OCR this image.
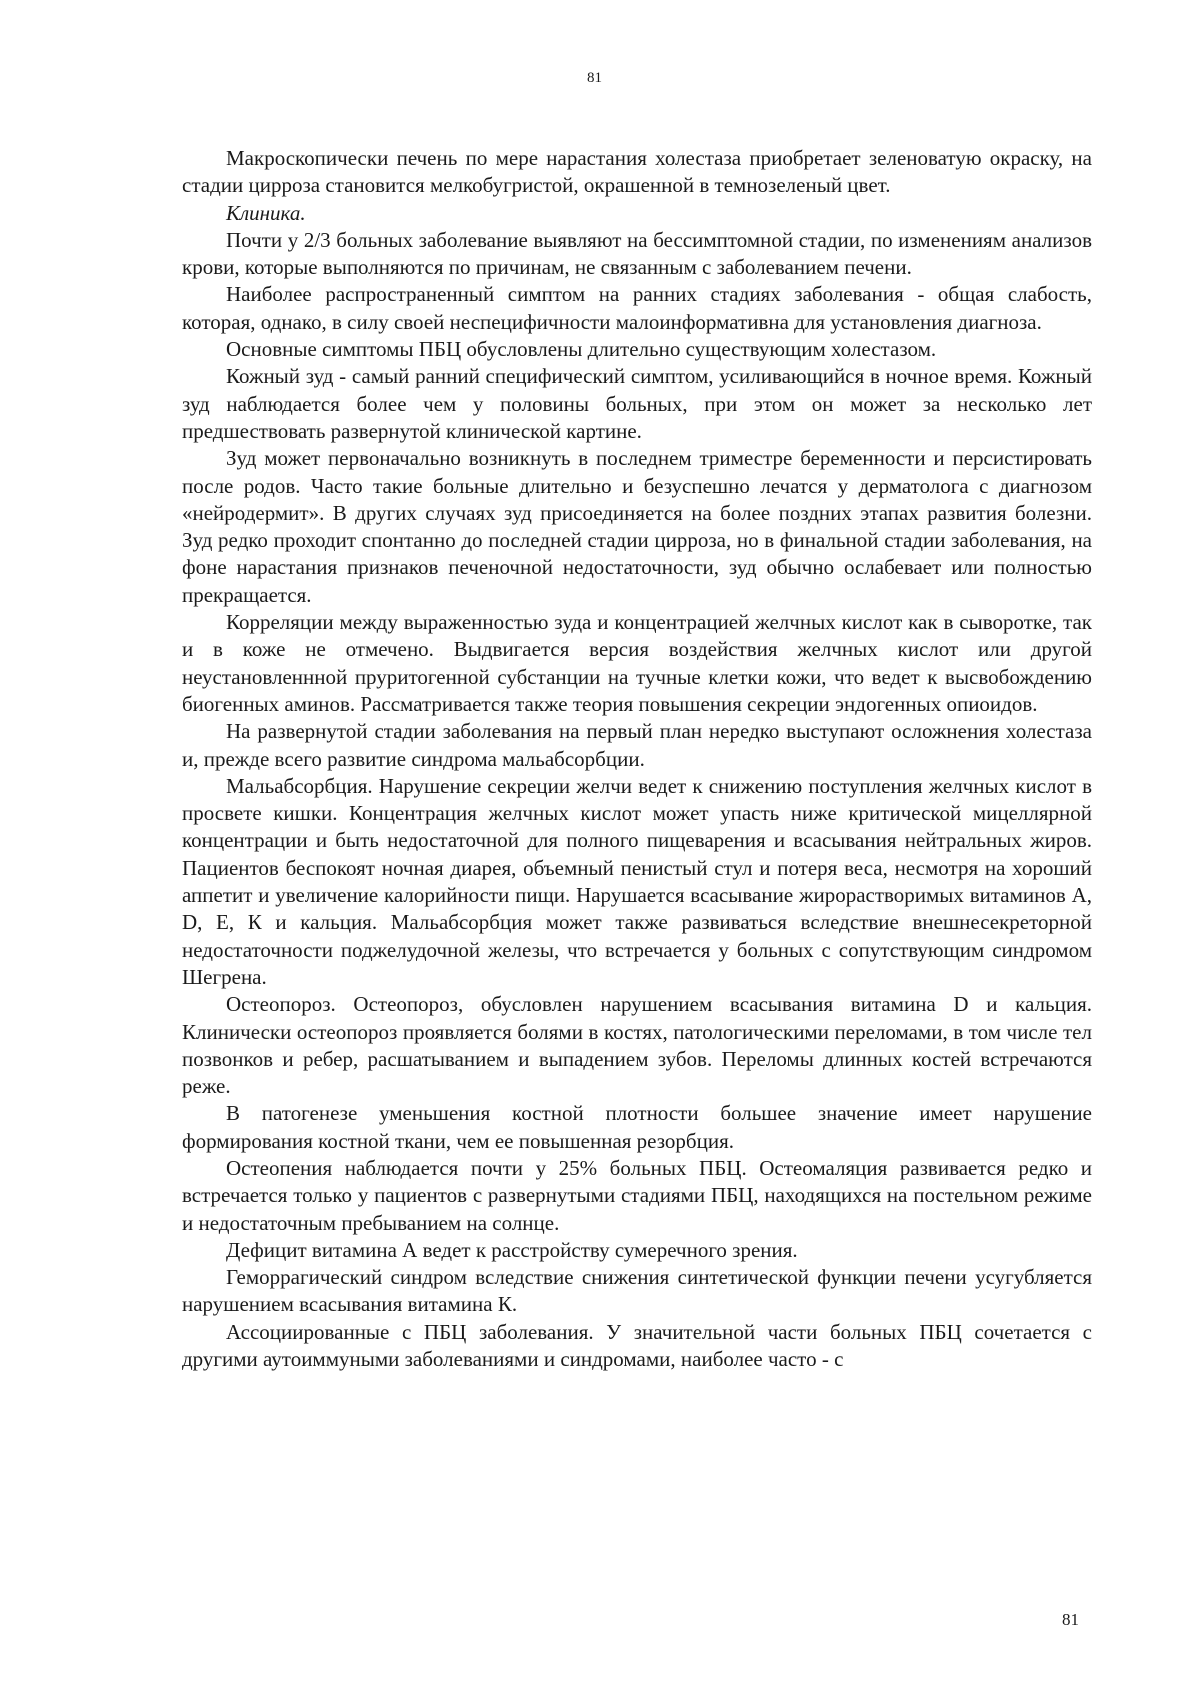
81

Макроскопически печень по мере нарастания холестаза приобретает зеленоватую окраску, на стадии цирроза становится мелкобугристой, окрашенной в темнозеленый цвет.

Клиника.

Почти у 2/3 больных заболевание выявляют на бессимптомной стадии, по изменениям анализов крови, которые выполняются по причинам, не связанным с заболеванием печени.

Наиболее распространенный симптом на ранних стадиях заболевания - общая слабость, которая, однако, в силу своей неспецифичности малоинформативна для установления диагноза.

Основные симптомы ПБЦ обусловлены длительно существующим холестазом.

Кожный зуд - самый ранний специфический симптом, усиливающийся в ночное время. Кожный зуд наблюдается более чем у половины больных, при этом он может за несколько лет предшествовать развернутой клинической картине.

Зуд может первоначально возникнуть в последнем триместре беременности и персистировать после родов. Часто такие больные длительно и безуспешно лечатся у дерматолога с диагнозом «нейродермит». В других случаях зуд присоединяется на более поздних этапах развития болезни. Зуд редко проходит спонтанно до последней стадии цирроза, но в финальной стадии заболевания, на фоне нарастания признаков печеночной недостаточности, зуд обычно ослабевает или полностью прекращается.

Корреляции между выраженностью зуда и концентрацией желчных кислот как в сыворотке, так и в коже не отмечено. Выдвигается версия воздействия желчных кислот или другой неустановленнной пруритогенной субстанции на тучные клетки кожи, что ведет к высвобождению биогенных аминов. Рассматривается также теория повышения секреции эндогенных опиоидов.

На развернутой стадии заболевания на первый план нередко выступают осложнения холестаза и, прежде всего развитие синдрома мальабсорбции.

Мальабсорбция. Нарушение секреции желчи ведет к снижению поступления желчных кислот в просвете кишки. Концентрация желчных кислот может упасть ниже критической мицеллярной концентрации и быть недостаточной для полного пищеварения и всасывания нейтральных жиров. Пациентов беспокоят ночная диарея, объемный пенистый стул и потеря веса, несмотря на хороший аппетит и увеличение калорийности пищи. Нарушается всасывание жирорастворимых витаминов А, D, Е, К и кальция. Мальабсорбция может также развиваться вследствие внешнесекреторной недостаточности поджелудочной железы, что встречается у больных с сопутствующим синдромом Шегрена.

Остеопороз. Остеопороз, обусловлен нарушением всасывания витамина D и кальция. Клинически остеопороз проявляется болями в костях, патологическими переломами, в том числе тел позвонков и ребер, расшатыванием и выпадением зубов. Переломы длинных костей встречаются реже.

В патогенезе уменьшения костной плотности большее значение имеет нарушение формирования костной ткани, чем ее повышенная резорбция.

Остеопения наблюдается почти у 25% больных ПБЦ. Остеомаляция развивается редко и встречается только у пациентов с развернутыми стадиями ПБЦ, находящихся на постельном режиме и недостаточным пребыванием на солнце.

Дефицит витамина А ведет к расстройству сумеречного зрения.

Геморрагический синдром вследствие снижения синтетической функции печени усугубляется нарушением всасывания витамина К.

Ассоциированные с ПБЦ заболевания. У значительной части больных ПБЦ сочетается с другими аутоиммуными заболеваниями и синдромами, наиболее часто - с

81
